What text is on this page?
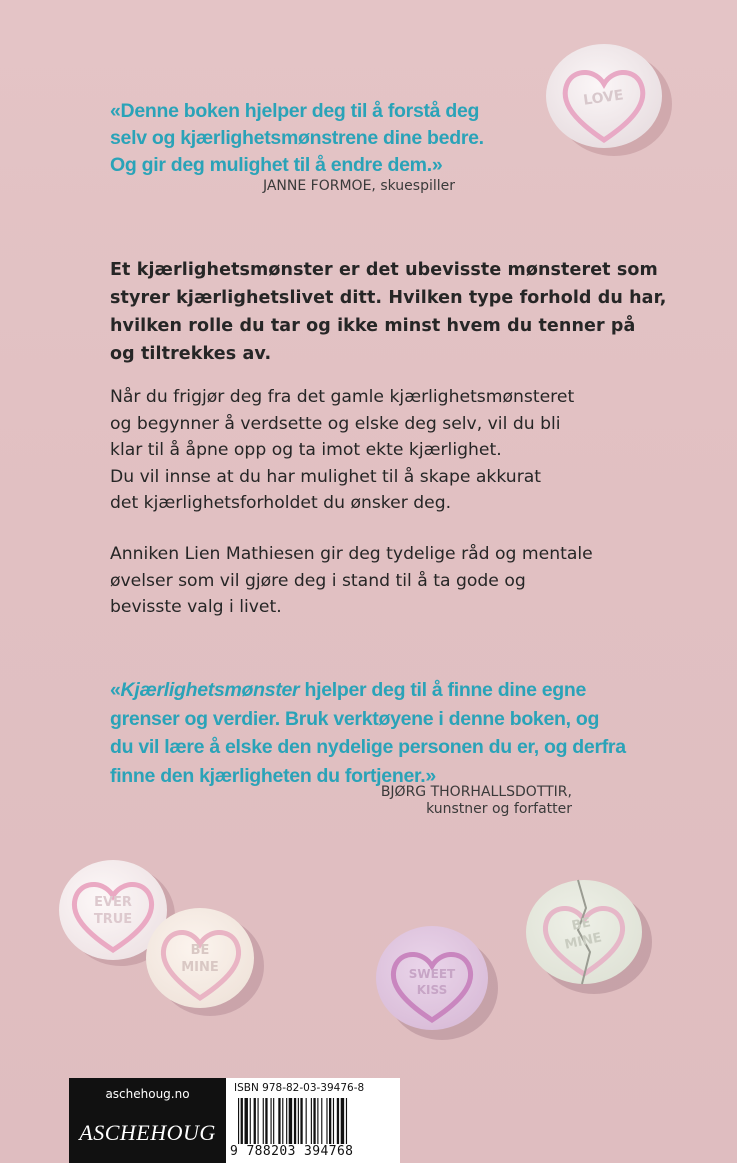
«Denne boken hjelper deg til å forstå deg
selv og kjærlighetsmønstrene dine bedre.
Og gir deg mulighet til å endre dem.»
JANNE FORMOE, skuespiller
Et kjærlighetsmønster er det ubevisste mønsteret som
styrer kjærlighetslivet ditt. Hvilken type forhold du har,
hvilken rolle du tar og ikke minst hvem du tenner på
og tiltrekkes av.
Når du frigjør deg fra det gamle kjærlighetsmønsteret
og begynner å verdsette og elske deg selv, vil du bli
klar til å åpne opp og ta imot ekte kjærlighet.
Du vil innse at du har mulighet til å skape akkurat
det kjærlighetsforholdet du ønsker deg.
Anniken Lien Mathiesen gir deg tydelige råd og mentale
øvelser som vil gjøre deg i stand til å ta gode og
bevisste valg i livet.
«Kjærlighetsmønster hjelper deg til å finne dine egne
grenser og verdier. Bruk verktøyene i denne boken, og
du vil lære å elske den nydelige personen du er, og derfra
finne den kjærligheten du fortjener.»
BJØRG THORHALLSDOTTIR,
kunstner og forfatter
LOVE
EVER
TRUE
BE
MINE	SWEET
KISS
BE
MINE
aschehoug.no
ASCHEHOUG
ISBN 978-82-03-39476-8
9 788203 394768
